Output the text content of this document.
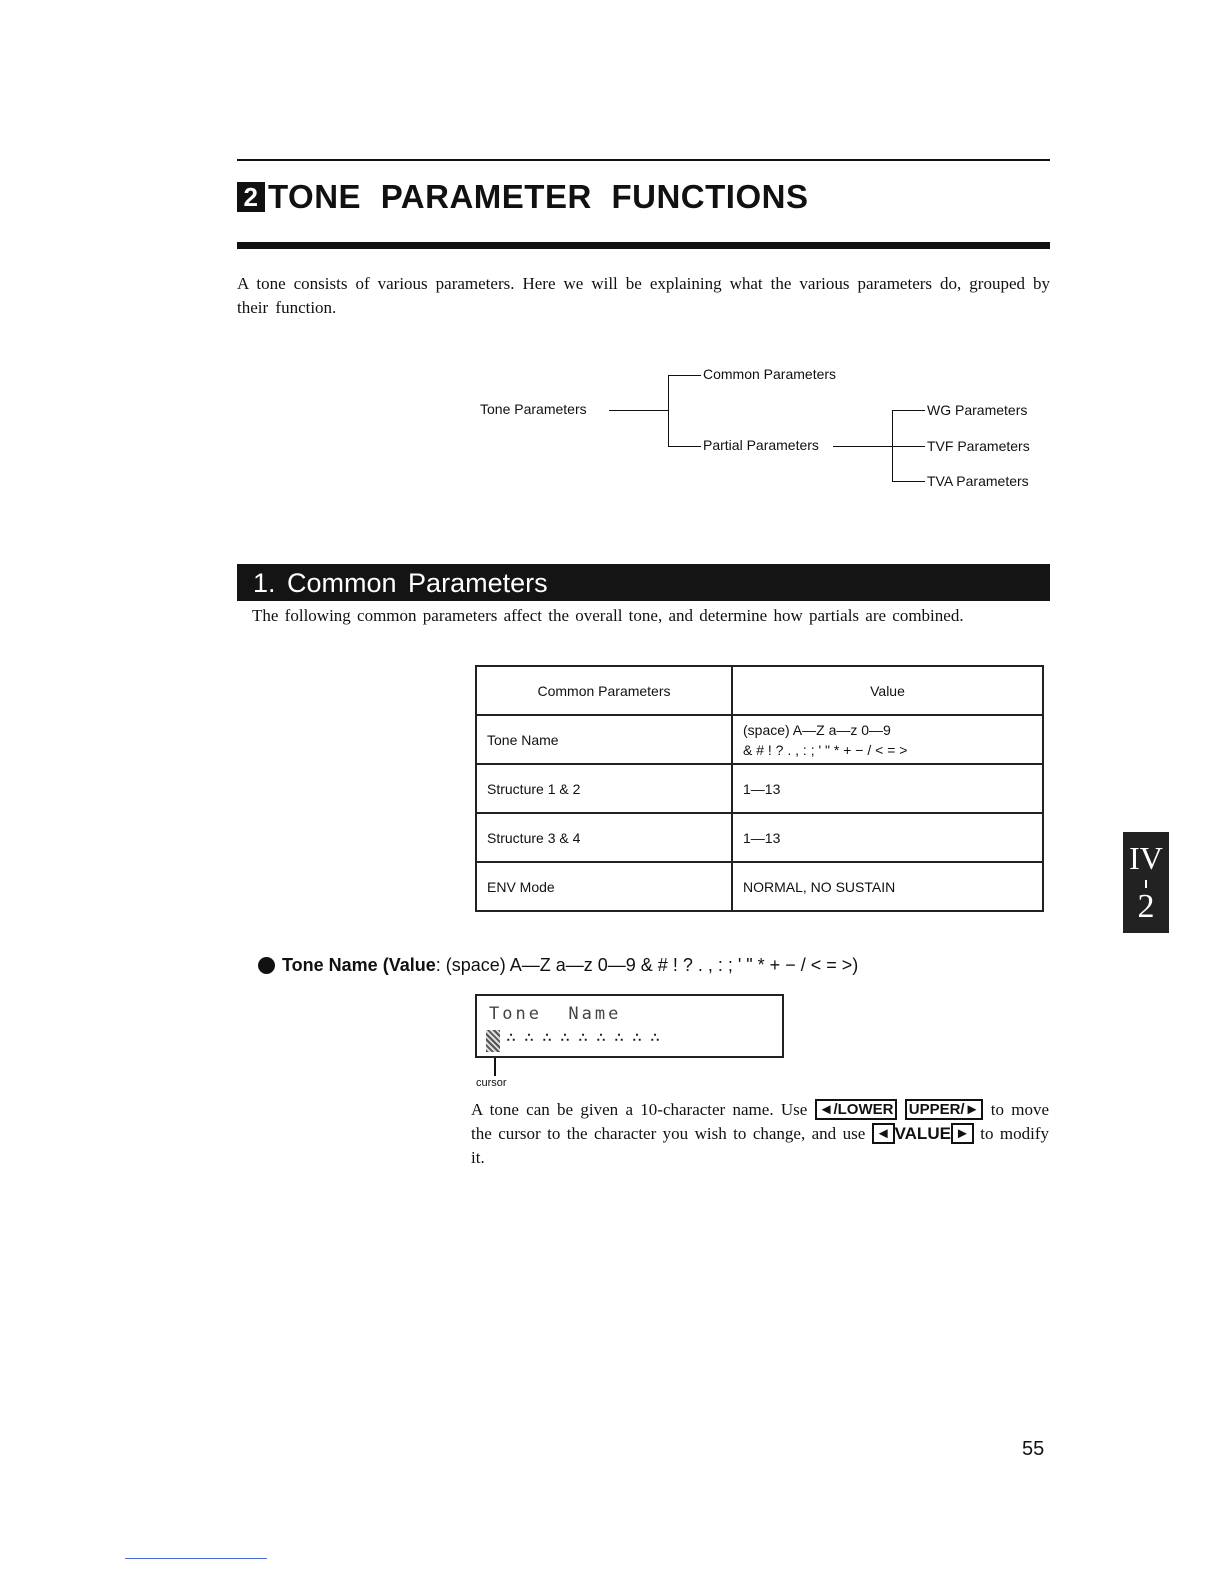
2 TONE PARAMETER FUNCTIONS
A tone consists of various parameters. Here we will be explaining what the various parameters do, grouped by their function.
Tone Parameters
Common Parameters
Partial Parameters
WG Parameters
TVF Parameters
TVA Parameters
1. Common Parameters
The following common parameters affect the overall tone, and determine how partials are combined.
Common Parameters	Value
Tone Name	(space) A—Z a—z 0—9
& # ! ? . , : ; ' " * + − / < = >

Structure 1 & 2	1—13
Structure 3 & 4	1—13
ENV Mode	NORMAL, NO SUSTAIN
Tone Name
(Value : (space) A—Z a—z 0—9 & # ! ? . , : ; ' " * + − / < = >)
Tone  Name
∴ ∴ ∴ ∴ ∴ ∴ ∴ ∴ ∴
cursor
A tone can be given a 10-character name. Use ◄/LOWER UPPER/► to move the cursor to the character you wish to change, and use ◄ VALUE ► to modify it.
IV
2
55
